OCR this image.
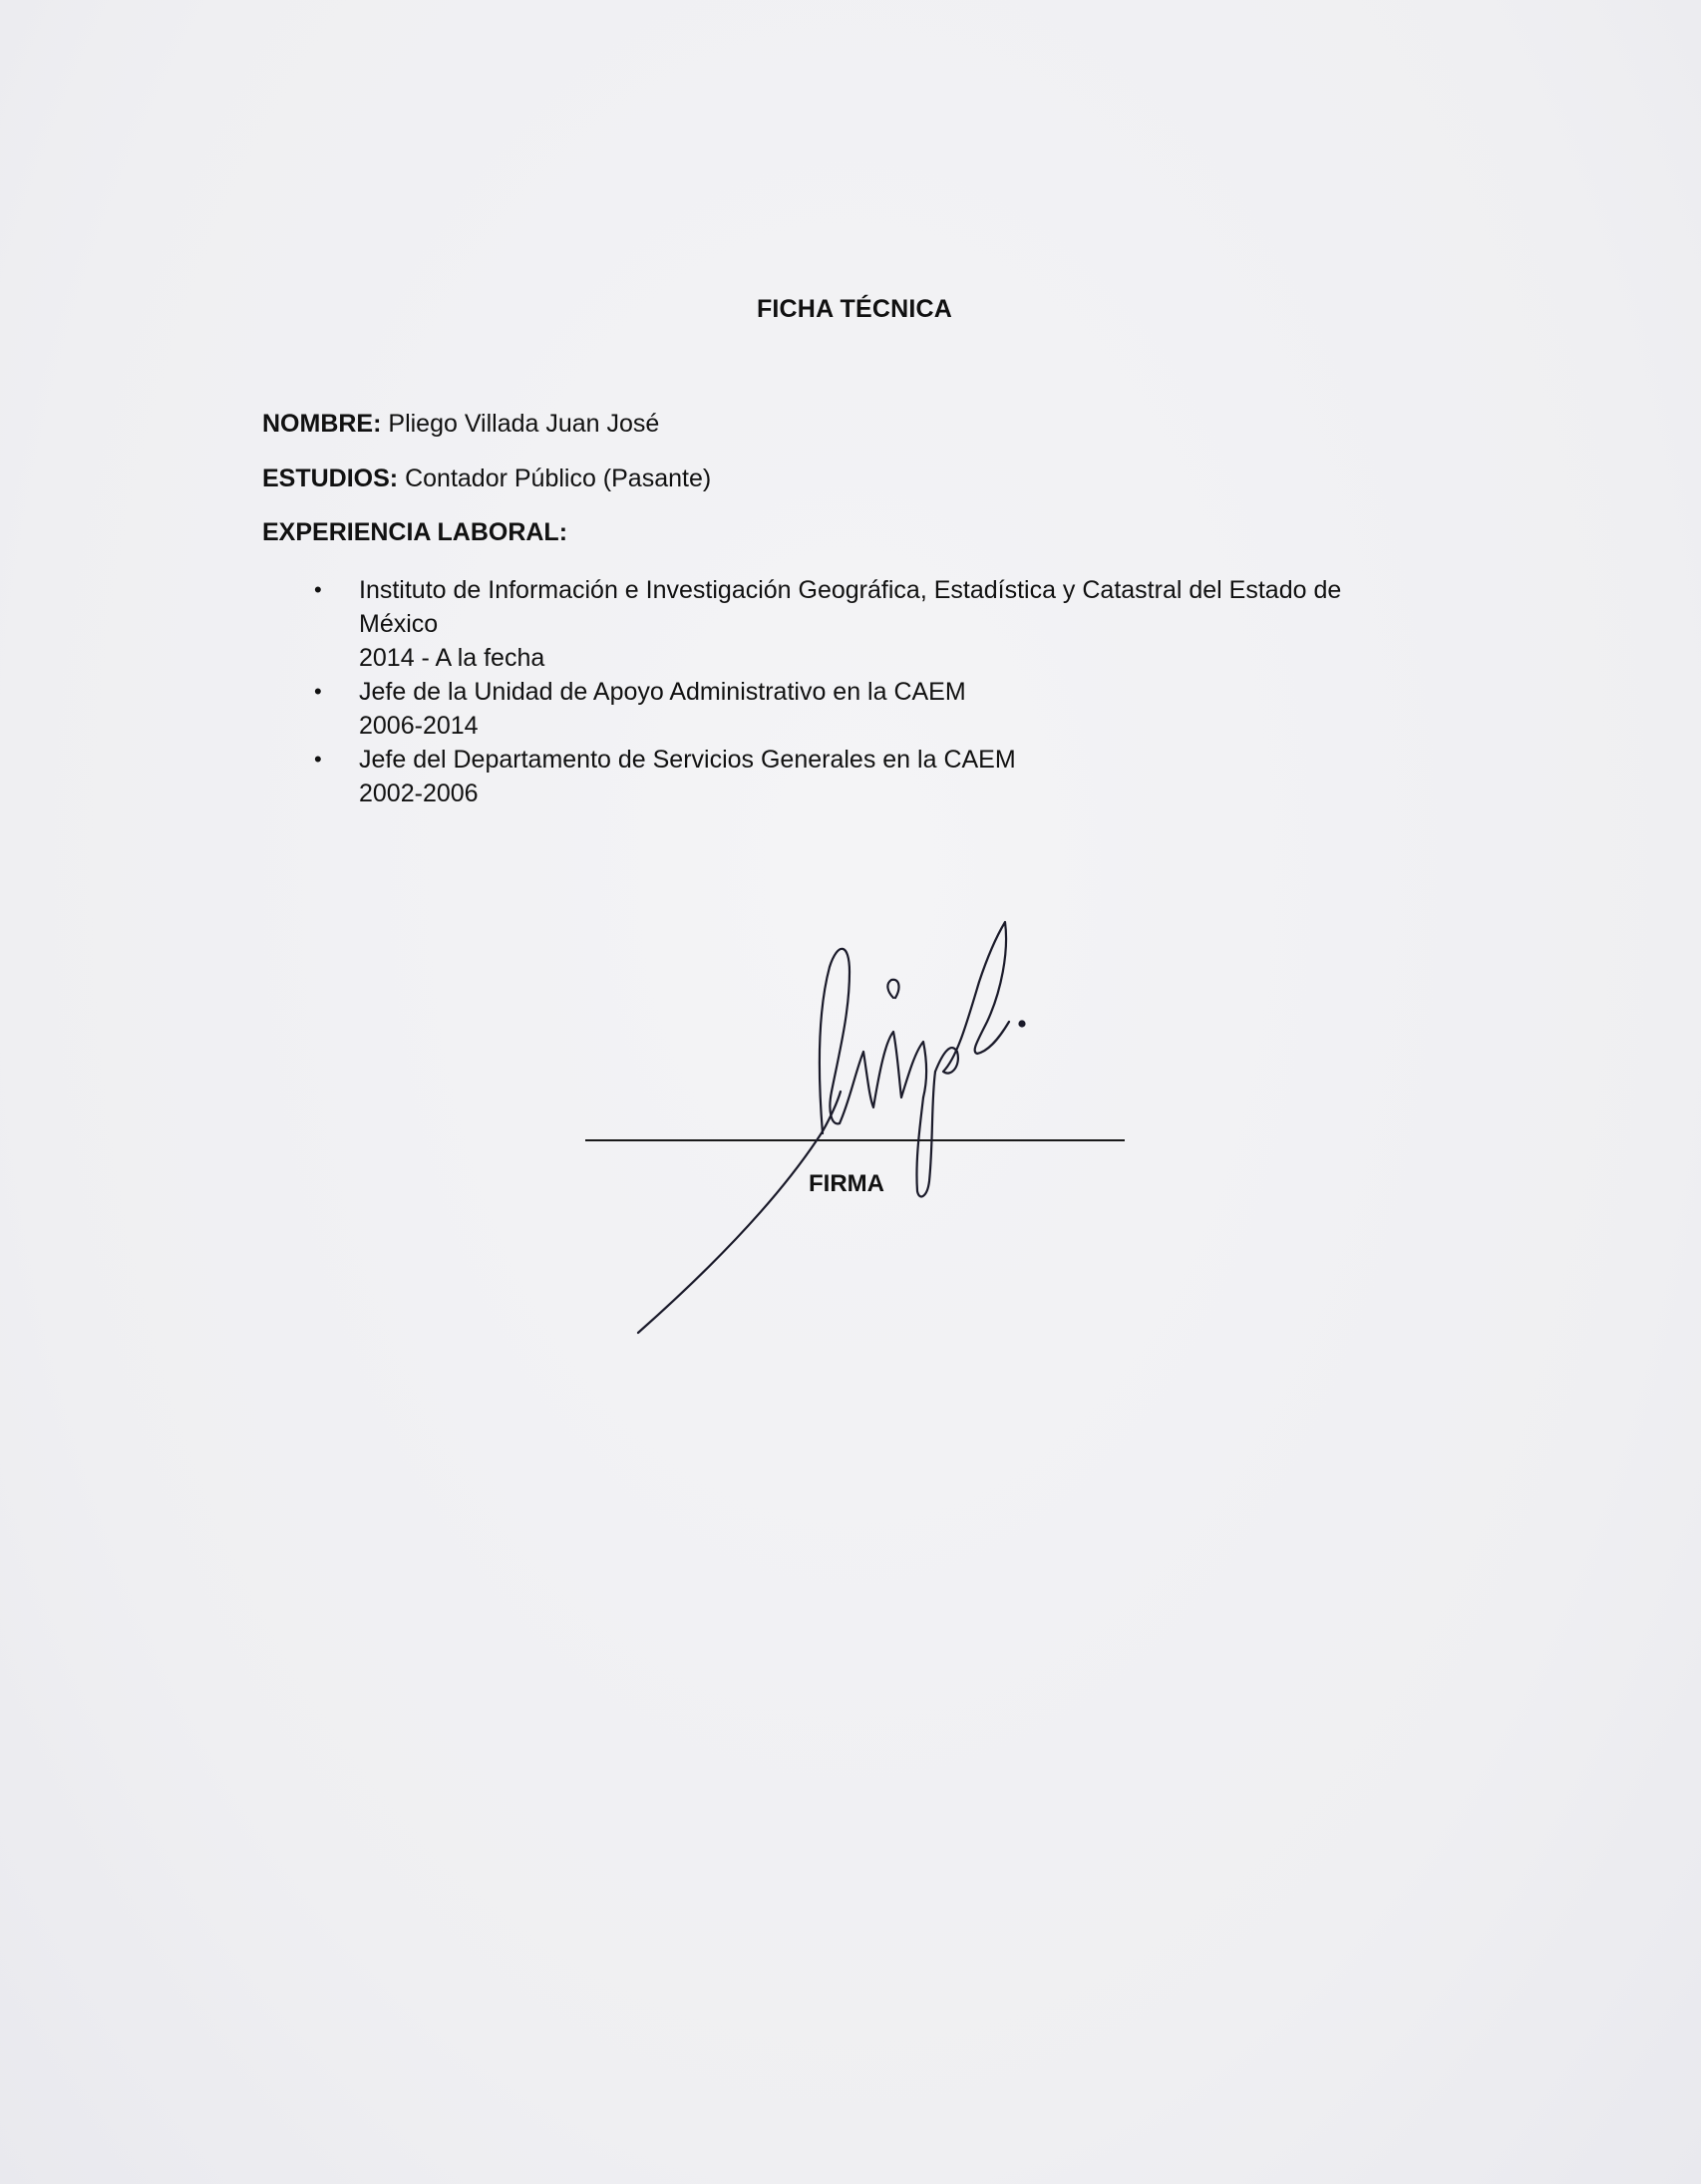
FICHA TÉCNICA
NOMBRE: Pliego Villada Juan José
ESTUDIOS: Contador Público (Pasante)
EXPERIENCIA LABORAL:
• Instituto de Información e Investigación Geográfica, Estadística y Catastral del Estado de
México
2014 - A la fecha
• Jefe de la Unidad de Apoyo Administrativo en la CAEM
2006-2014
• Jefe del Departamento de Servicios Generales en la CAEM
2002-2006
FIRMA
